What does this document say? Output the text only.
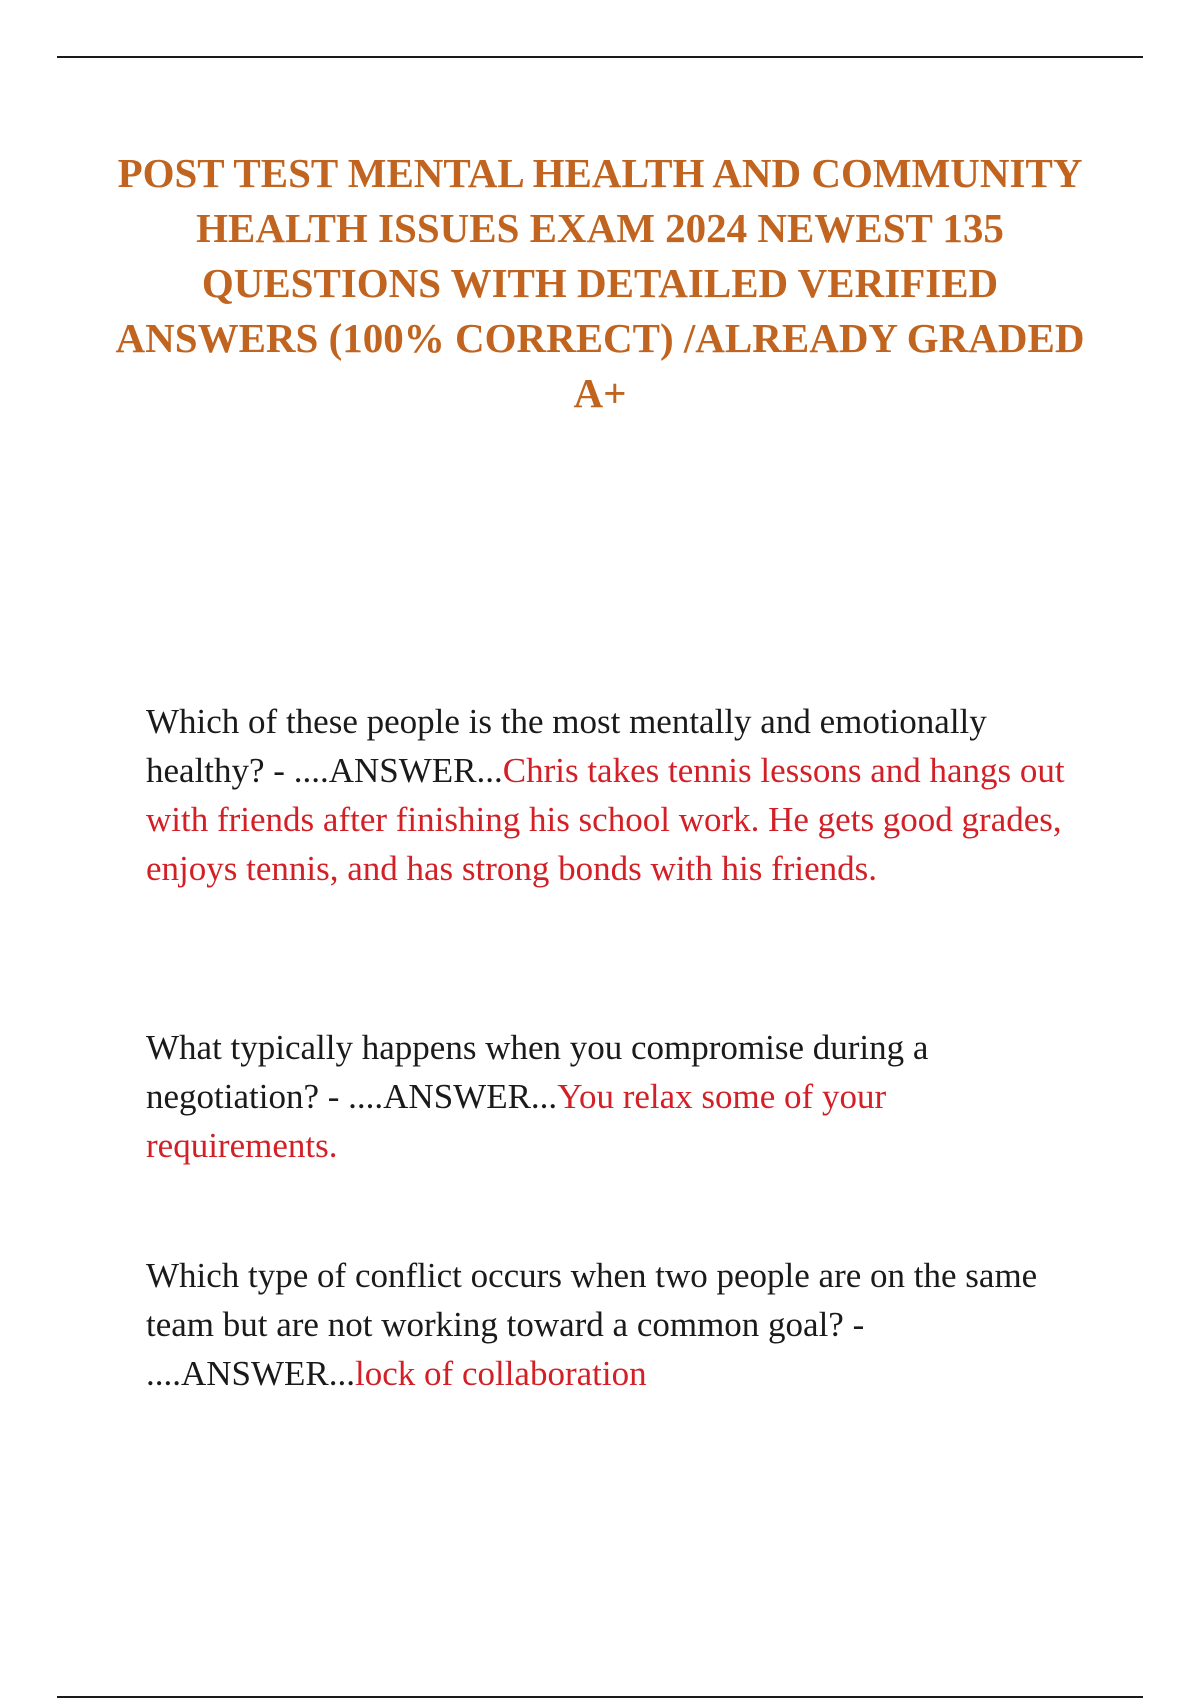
POST TEST MENTAL HEALTH AND COMMUNITY HEALTH ISSUES EXAM 2024 NEWEST 135 QUESTIONS WITH DETAILED VERIFIED ANSWERS (100% CORRECT) /ALREADY GRADED A+

Which of these people is the most mentally and emotionally healthy? - ....ANSWER...Chris takes tennis lessons and hangs out with friends after finishing his school work. He gets good grades, enjoys tennis, and has strong bonds with his friends.

What typically happens when you compromise during a negotiation? - ....ANSWER...You relax some of your requirements.

Which type of conflict occurs when two people are on the same team but are not working toward a common goal? - ....ANSWER...lock of collaboration
